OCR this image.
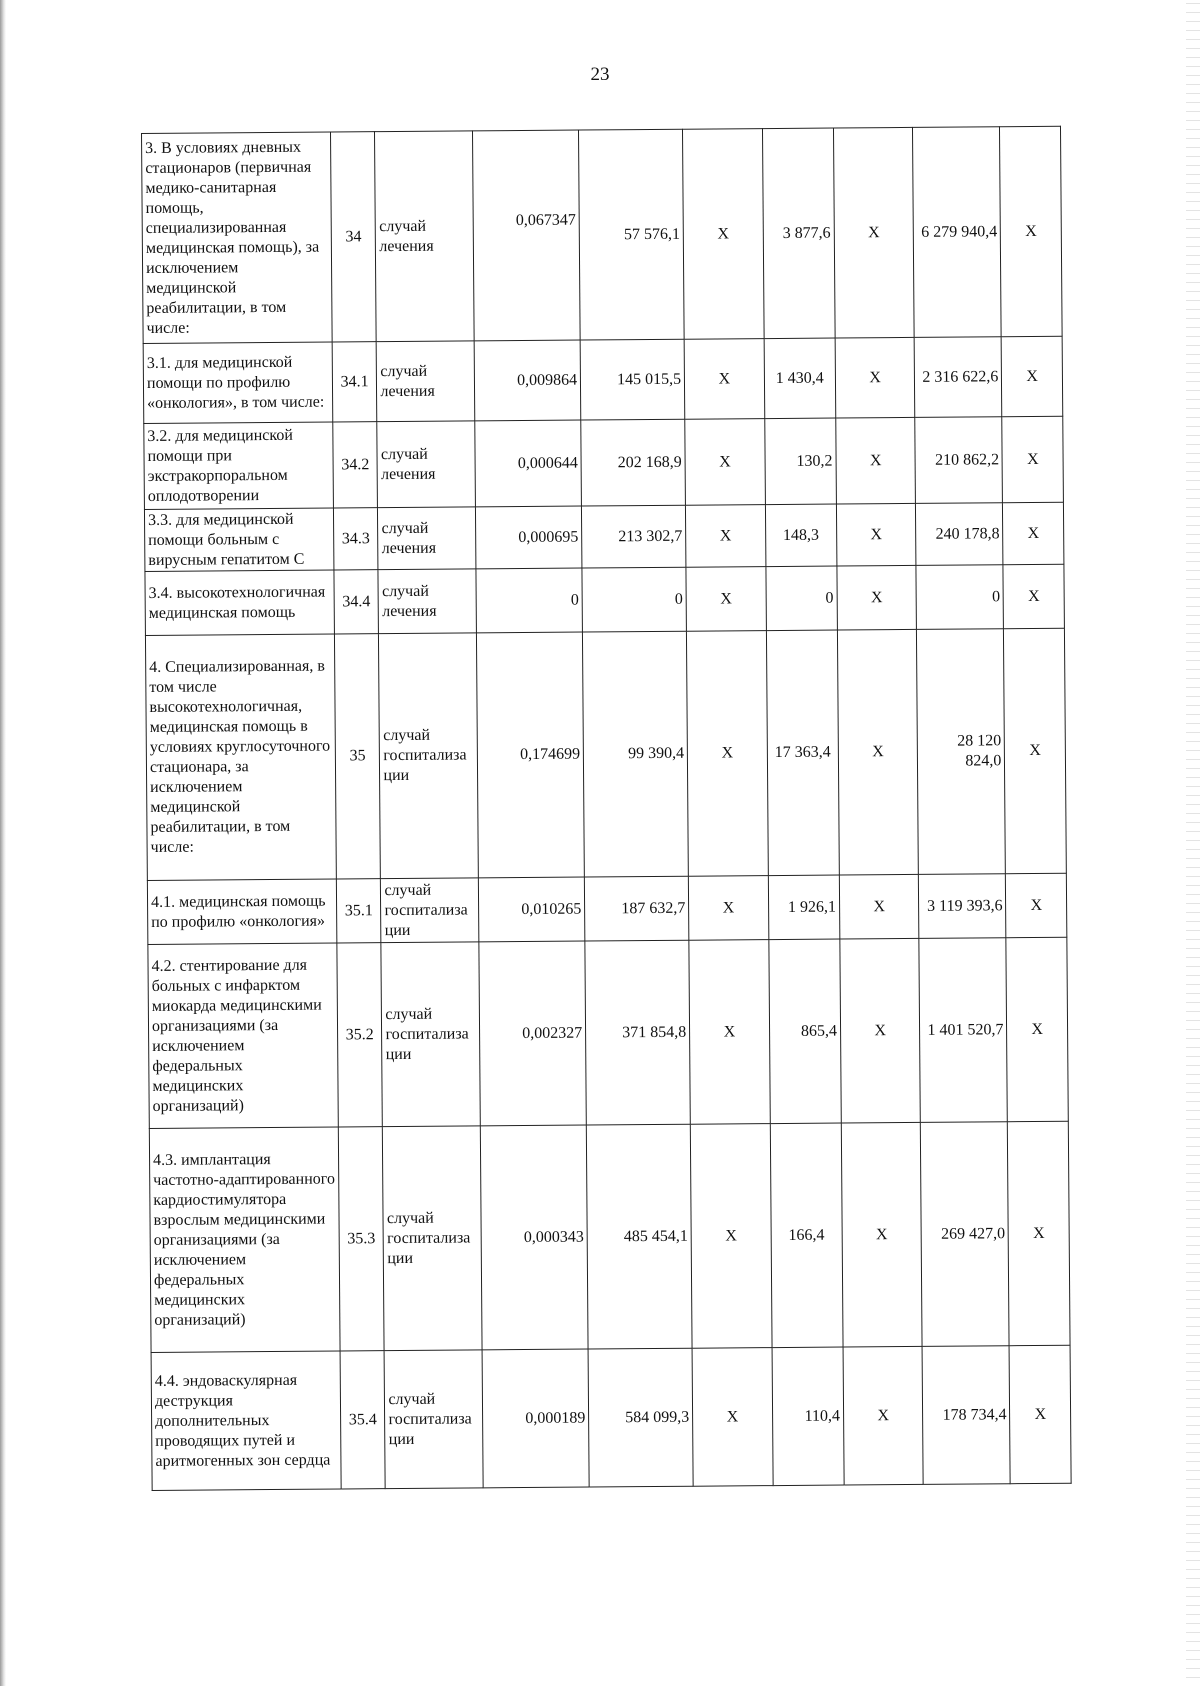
23
3. В условиях дневных стационаров (первичная медико-санитарная помощь, специализированная медицинская помощь), за исключением медицинской реабилитации, в том числе:	34	случай лечения	0,067347	57 576,1	Х	3 877,6	Х	6 279 940,4	Х
3.1. для медицинской помощи по профилю «онкология», в том числе:	34.1	случай лечения	0,009864	145 015,5	Х	1 430,4	Х	2 316 622,6	Х
3.2. для медицинской помощи при экстракорпоральном оплодотворении	34.2	случай лечения	0,000644	202 168,9	Х	130,2	Х	210 862,2	Х
3.3. для медицинской помощи больным с вирусным гепатитом С	34.3	случай лечения	0,000695	213 302,7	Х	148,3	Х	240 178,8	Х
3.4. высокотехнологичная медицинская помощь	34.4	случай лечения	0	0	Х	0	Х	0	Х
4. Специализированная, в том числе высокотехнологичная, медицинская помощь в условиях круглосуточного стационара, за исключением медицинской реабилитации, в том числе:	35	случай госпитализации	0,174699	99 390,4	Х	17 363,4	Х	28 120 824,0	Х
4.1. медицинская помощь по профилю «онкология»	35.1	случай госпитализации	0,010265	187 632,7	Х	1 926,1	Х	3 119 393,6	Х
4.2. стентирование для больных с инфарктом миокарда медицинскими организациями (за исключением федеральных медицинских организаций)	35.2	случай госпитализации	0,002327	371 854,8	Х	865,4	Х	1 401 520,7	Х
4.3. имплантация частотно-адаптированного кардиостимулятора взрослым медицинскими организациями (за исключением федеральных медицинских организаций)	35.3	случай госпитализации	0,000343	485 454,1	Х	166,4	Х	269 427,0	Х
4.4. эндоваскулярная деструкция дополнительных проводящих путей и аритмогенных зон сердца	35.4	случай госпитализации	0,000189	584 099,3	Х	110,4	Х	178 734,4	Х
